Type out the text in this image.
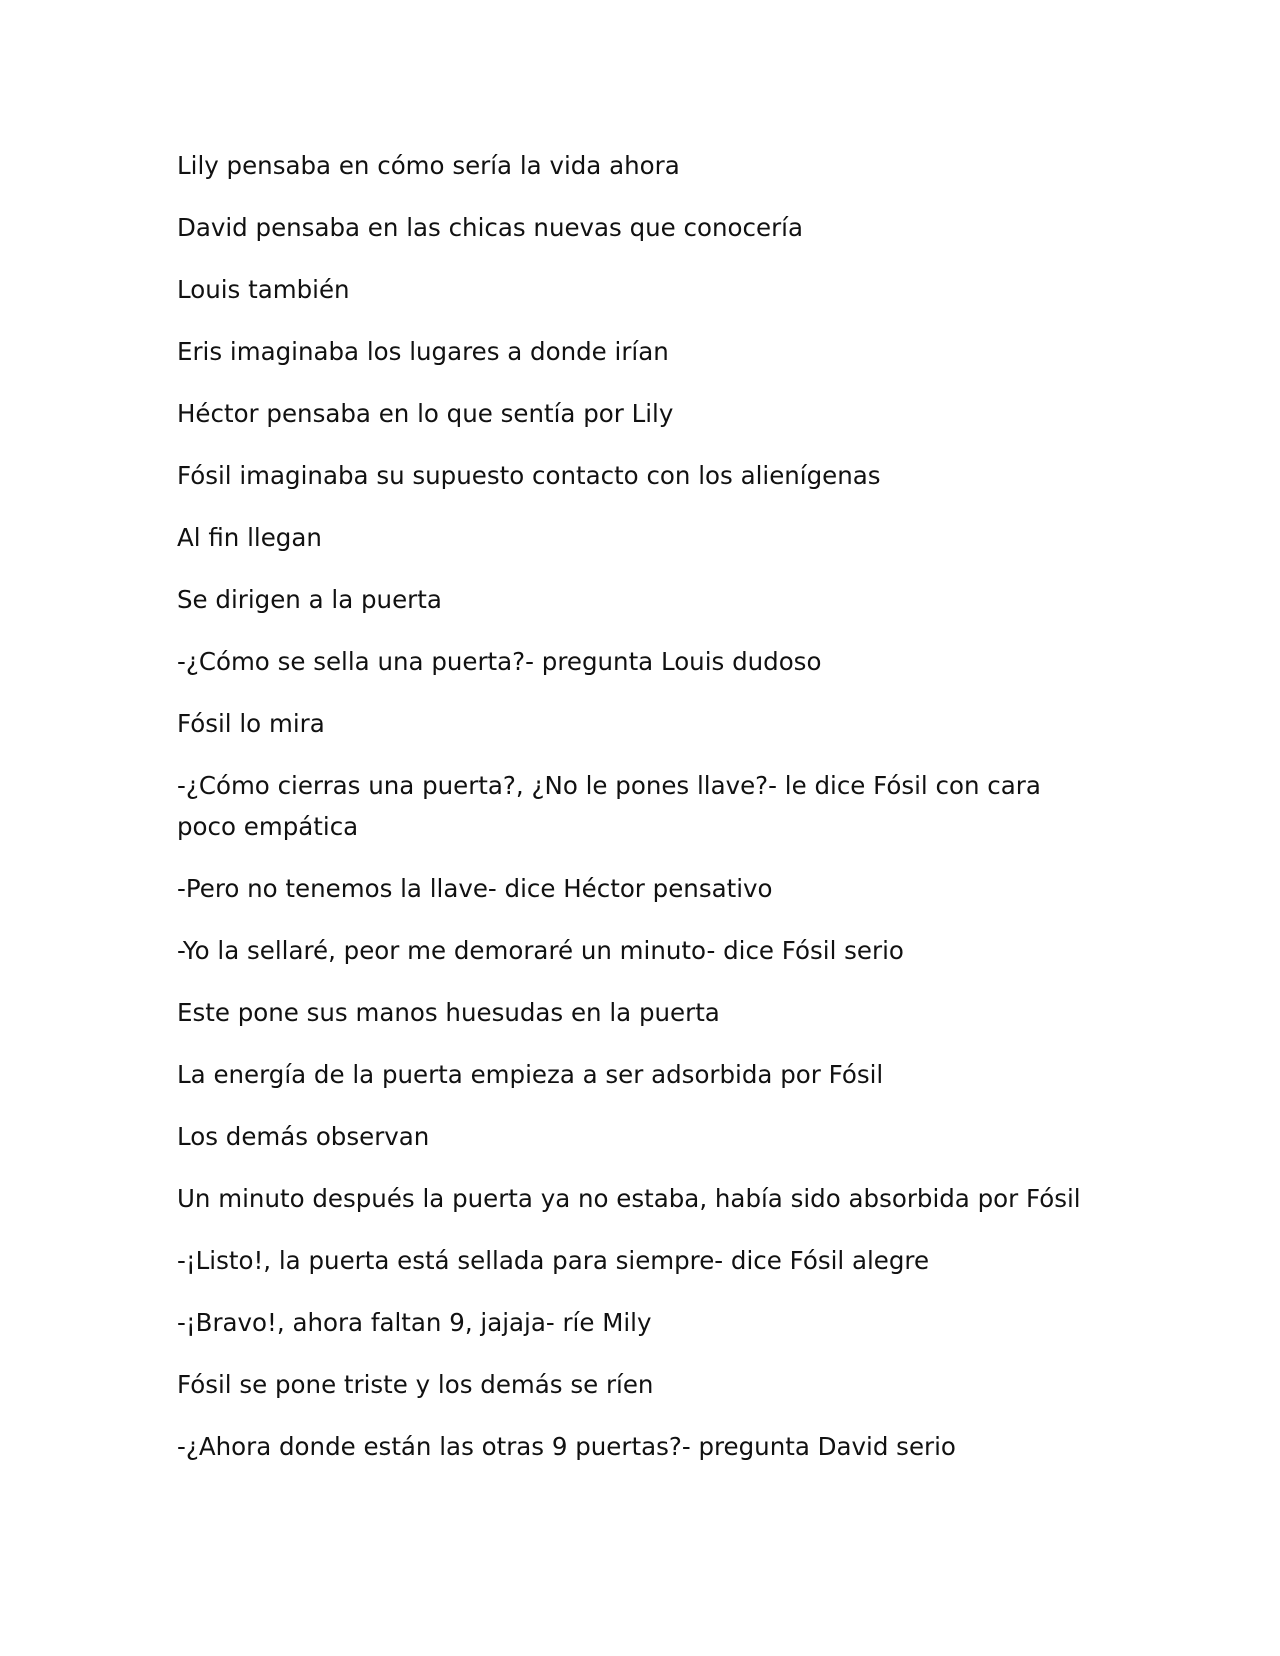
Lily pensaba en cómo sería la vida ahora

David pensaba en las chicas nuevas que conocería

Louis también

Eris imaginaba los lugares a donde irían

Héctor pensaba en lo que sentía por Lily

Fósil imaginaba su supuesto contacto con los alienígenas

Al fin llegan

Se dirigen a la puerta

-¿Cómo se sella una puerta?- pregunta Louis dudoso

Fósil lo mira

-¿Cómo cierras una puerta?, ¿No le pones llave?- le dice Fósil con cara poco empática

-Pero no tenemos la llave- dice Héctor pensativo

-Yo la sellaré, peor me demoraré un minuto- dice Fósil serio

Este pone sus manos huesudas en la puerta

La energía de la puerta empieza a ser adsorbida por Fósil

Los demás observan

Un minuto después la puerta ya no estaba, había sido absorbida por Fósil

-¡Listo!, la puerta está sellada para siempre- dice Fósil alegre

-¡Bravo!, ahora faltan 9, jajaja- ríe Mily

Fósil se pone triste y los demás se ríen

-¿Ahora donde están las otras 9 puertas?- pregunta David serio
